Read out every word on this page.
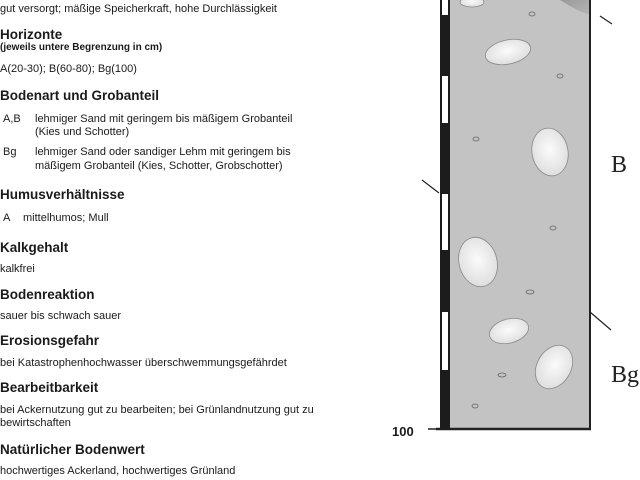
gut versorgt; mäßige Speicherkraft, hohe Durchlässigkeit
Horizonte
(jeweils untere Begrenzung in cm)
A(20-30); B(60-80); Bg(100)
Bodenart und Grobanteil
A,B lehmiger Sand mit geringem bis mäßigem Grobanteil
(Kies und Schotter)
Bg lehmiger Sand oder sandiger Lehm mit geringem bis
mäßigem Grobanteil (Kies, Schotter, Grobschotter)
Humusverhältnisse
A mittelhumos; Mull
Kalkgehalt
kalkfrei
Bodenreaktion
sauer bis schwach sauer
Erosionsgefahr
bei Katastrophenhochwasser überschwemmungsgefährdet
Bearbeitbarkeit
bei Ackernutzung gut zu bearbeiten; bei Grünlandnutzung gut zu
bewirtschaften
Natürlicher Bodenwert
hochwertiges Ackerland, hochwertiges Grünland
B
Bg
100
